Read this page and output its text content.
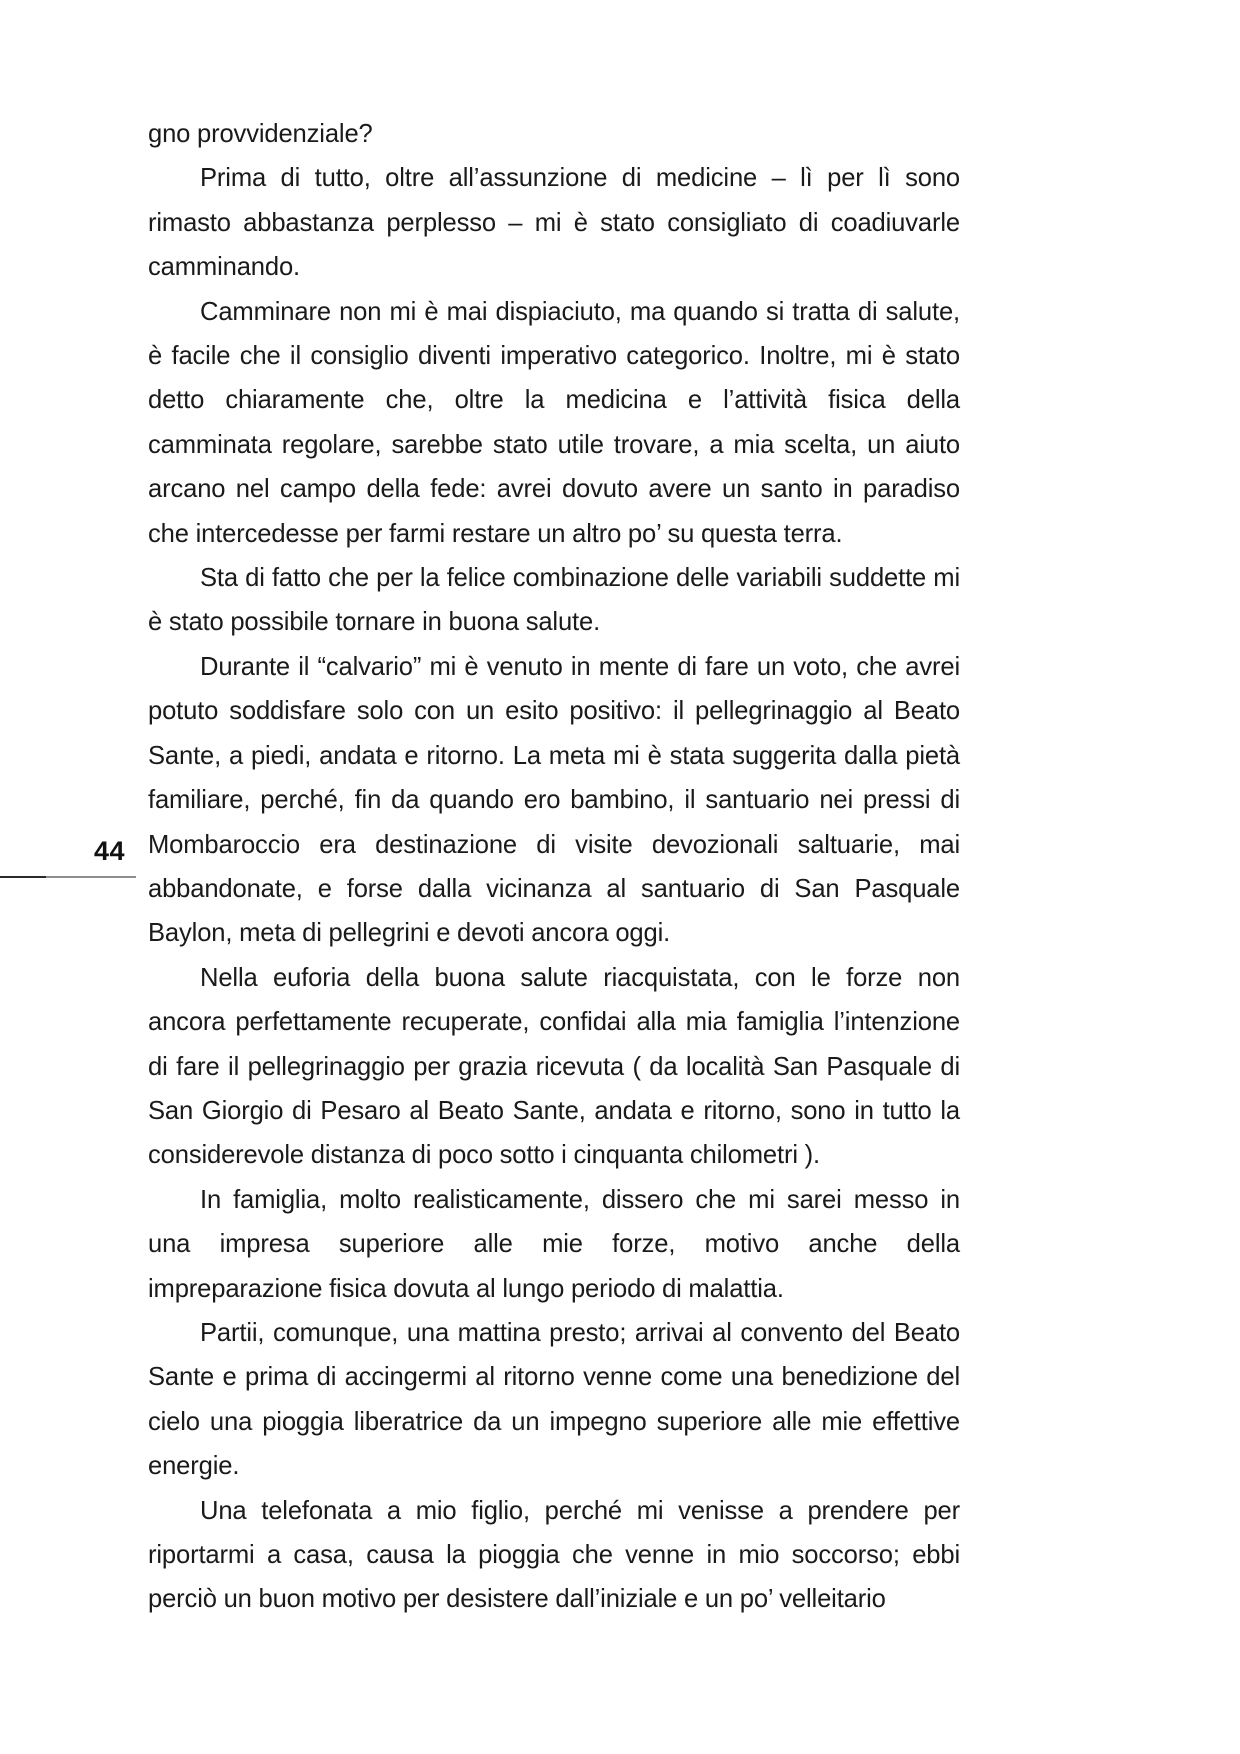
44

gno provvidenziale?

Prima di tutto, oltre all’assunzione di medicine – lì per lì sono rimasto abbastanza perplesso – mi è stato consigliato di coadiuvarle camminando.

Camminare non mi è mai dispiaciuto, ma quando si tratta di salute, è facile che il consiglio diventi imperativo categorico. Inoltre, mi è stato detto chiaramente che, oltre la medicina e l’attività fisica della camminata regolare, sarebbe stato utile trovare, a mia scelta, un aiuto arcano nel campo della fede: avrei dovuto avere un santo in paradiso che intercedesse per farmi restare un altro po’ su questa terra.

Sta di fatto che per la felice combinazione delle variabili suddette mi è stato possibile tornare in buona salute.

Durante il “calvario” mi è venuto in mente di fare un voto, che avrei potuto soddisfare solo con un esito positivo: il pellegrinaggio al Beato Sante, a piedi, andata e ritorno. La meta mi è stata suggerita dalla pietà familiare, perché, fin da quando ero bambino, il santuario nei pressi di Mombaroccio era destinazione di visite devozionali saltuarie, mai abbandonate, e forse dalla vicinanza al santuario di San Pasquale Baylon, meta di pellegrini e devoti ancora oggi.

Nella euforia della buona salute riacquistata, con le forze non ancora perfettamente recuperate, confidai alla mia famiglia l’intenzione di fare il pellegrinaggio per grazia ricevuta ( da località San Pasquale di San Giorgio di Pesaro al Beato Sante, andata e ritorno, sono in tutto la considerevole distanza di poco sotto i cinquanta chilometri ).

In famiglia, molto realisticamente, dissero che mi sarei messo in una impresa superiore alle mie forze, motivo anche della impreparazione fisica dovuta al lungo periodo di malattia.

Partii, comunque, una mattina presto; arrivai al convento del Beato Sante e prima di accingermi al ritorno venne come una benedizione del cielo una pioggia liberatrice da un impegno superiore alle mie effettive energie.

Una telefonata a mio figlio, perché mi venisse a prendere per riportarmi a casa, causa la pioggia che venne in mio soccorso; ebbi perciò un buon motivo per desistere dall’iniziale e un po’ velleitario
